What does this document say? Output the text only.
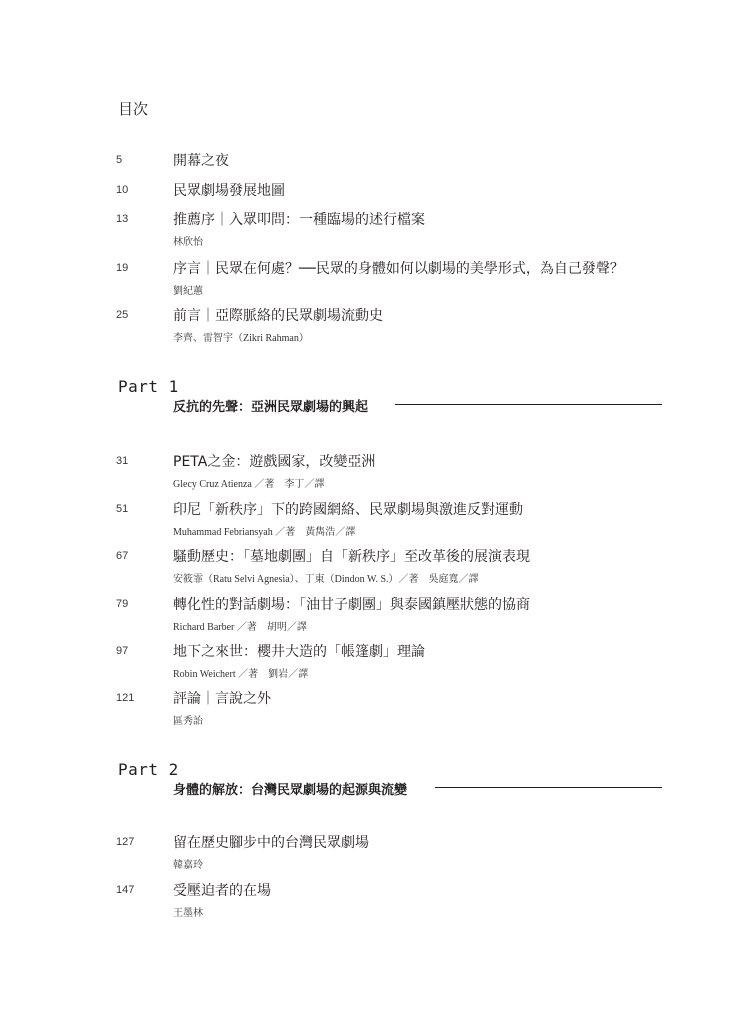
目次
5	開幕之夜
10	民眾劇場發展地圖
13	推薦序｜入眾叩問：一種臨場的述行檔案
林欣怡
19	序言｜民眾在何處？──民眾的身體如何以劇場的美學形式，為自己發聲？
劉紀蕙
25	前言｜亞際脈絡的民眾劇場流動史
李齊、雷智宇（Zikri Rahman）
Part 1
反抗的先聲：亞洲民眾劇場的興起
31	PETA之金：遊戲國家，改變亞洲
Glecy Cruz Atienza ／著　李丁／譯
51	印尼「新秩序」下的跨國網絡、民眾劇場與激進反對運動
Muhammad Febriansyah ／著　黃雋浩／譯
67	騷動歷史：「墓地劇團」自「新秩序」至改革後的展演表現
安筱霏（Ratu Selvi Agnesia）、丁東（Dindon W. S.）／著　吳庭寬／譯
79	轉化性的對話劇場：「油甘子劇團」與泰國鎮壓狀態的協商
Richard Barber ／著　胡明／譯
97	地下之來世：櫻井大造的「帳篷劇」理論
Robin Weichert ／著　劉岩／譯
121	評論｜言說之外
區秀詒
Part 2
身體的解放：台灣民眾劇場的起源與流變
127	留在歷史腳步中的台灣民眾劇場
韓嘉玲
147	受壓迫者的在場
王墨林
